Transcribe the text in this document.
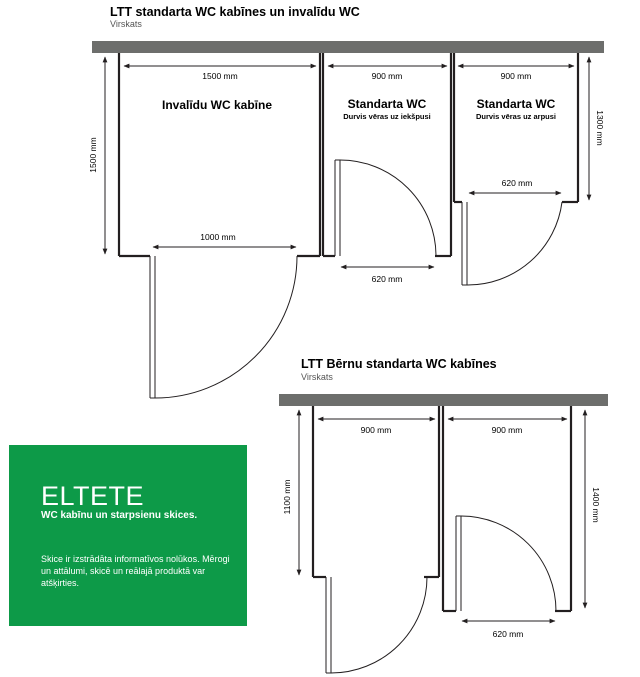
LTT standarta WC kabīnes un invalīdu WC
Virskats
Invalīdu WC kabīne
1500 mm
1000 mm
900 mm
Standarta WC
Durvis vēras uz iekšpusi
620 mm
900 mm
Standarta WC
Durvis vēras uz arpusi
620 mm
1500 mm
1300 mm
LTT Bērnu standarta WC kabīnes
Virskats
900 mm	900 mm
620 mm
1100 mm	1400 mm
ELTETE
WC kabīnu un starpsienu skices.
Skice ir izstrādāta informatīvos nolūkos. Mērogi un attālumi, skicē un reālajā produktā var atšķirties.
